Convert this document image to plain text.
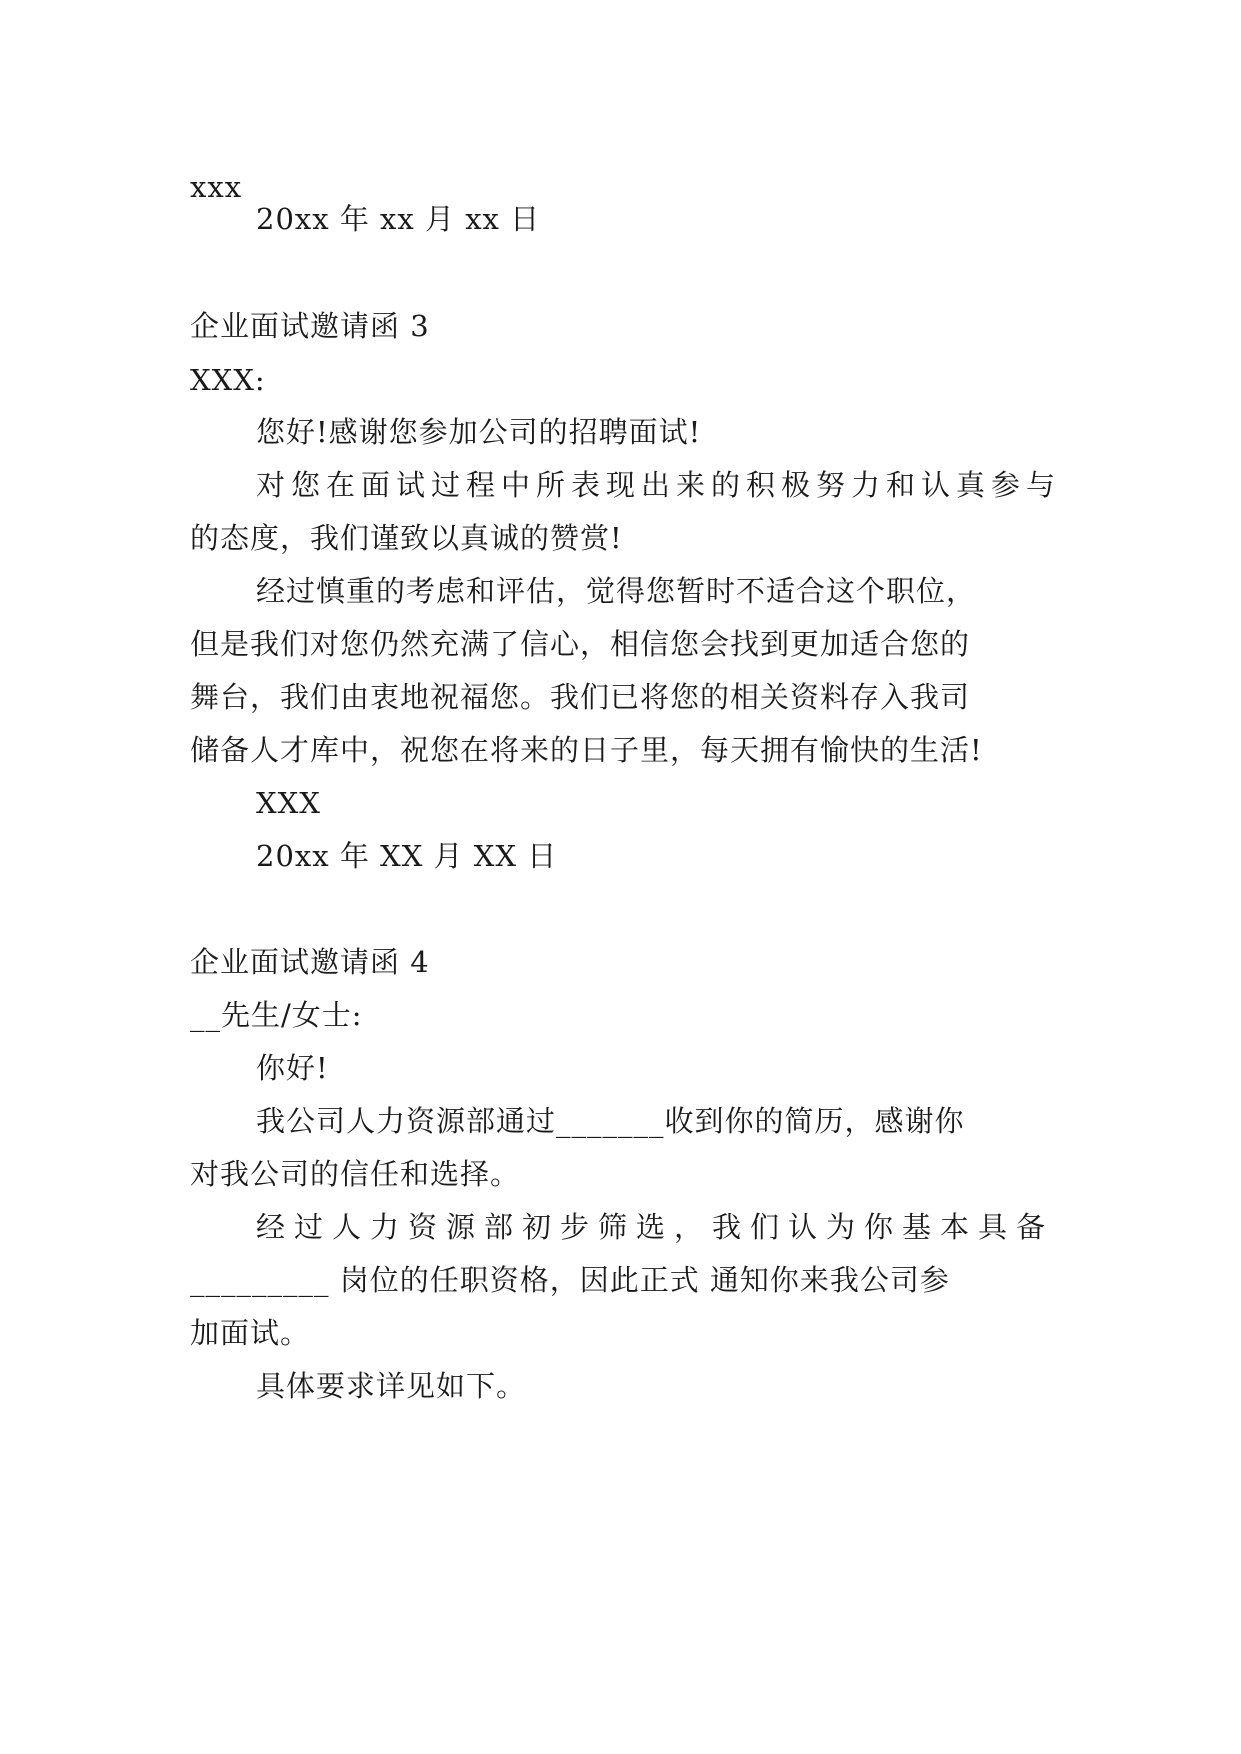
xxx
20xx 年 xx 月 xx 日
企业面试邀请函 3
XXX:
您好!感谢您参加公司的招聘面试!
对您在面试过程中所表现出来的积极努力和认真参与
的态度，我们谨致以真诚的赞赏!
经过慎重的考虑和评估，觉得您暂时不适合这个职位，
但是我们对您仍然充满了信心，相信您会找到更加适合您的
舞台，我们由衷地祝福您。我们已将您的相关资料存入我司
储备人才库中，祝您在将来的日子里，每天拥有愉快的生活!
XXX
20xx 年 XX 月 XX 日
企业面试邀请函 4
__先生/女士:
你好!
我公司人力资源部通过_______收到你的简历，感谢你
对我公司的信任和选择。
经过人力资源部初步筛选，我们认为你基本具备
_________ 岗位的任职资格，因此正式 通知你来我公司参
加面试。
具体要求详见如下。
